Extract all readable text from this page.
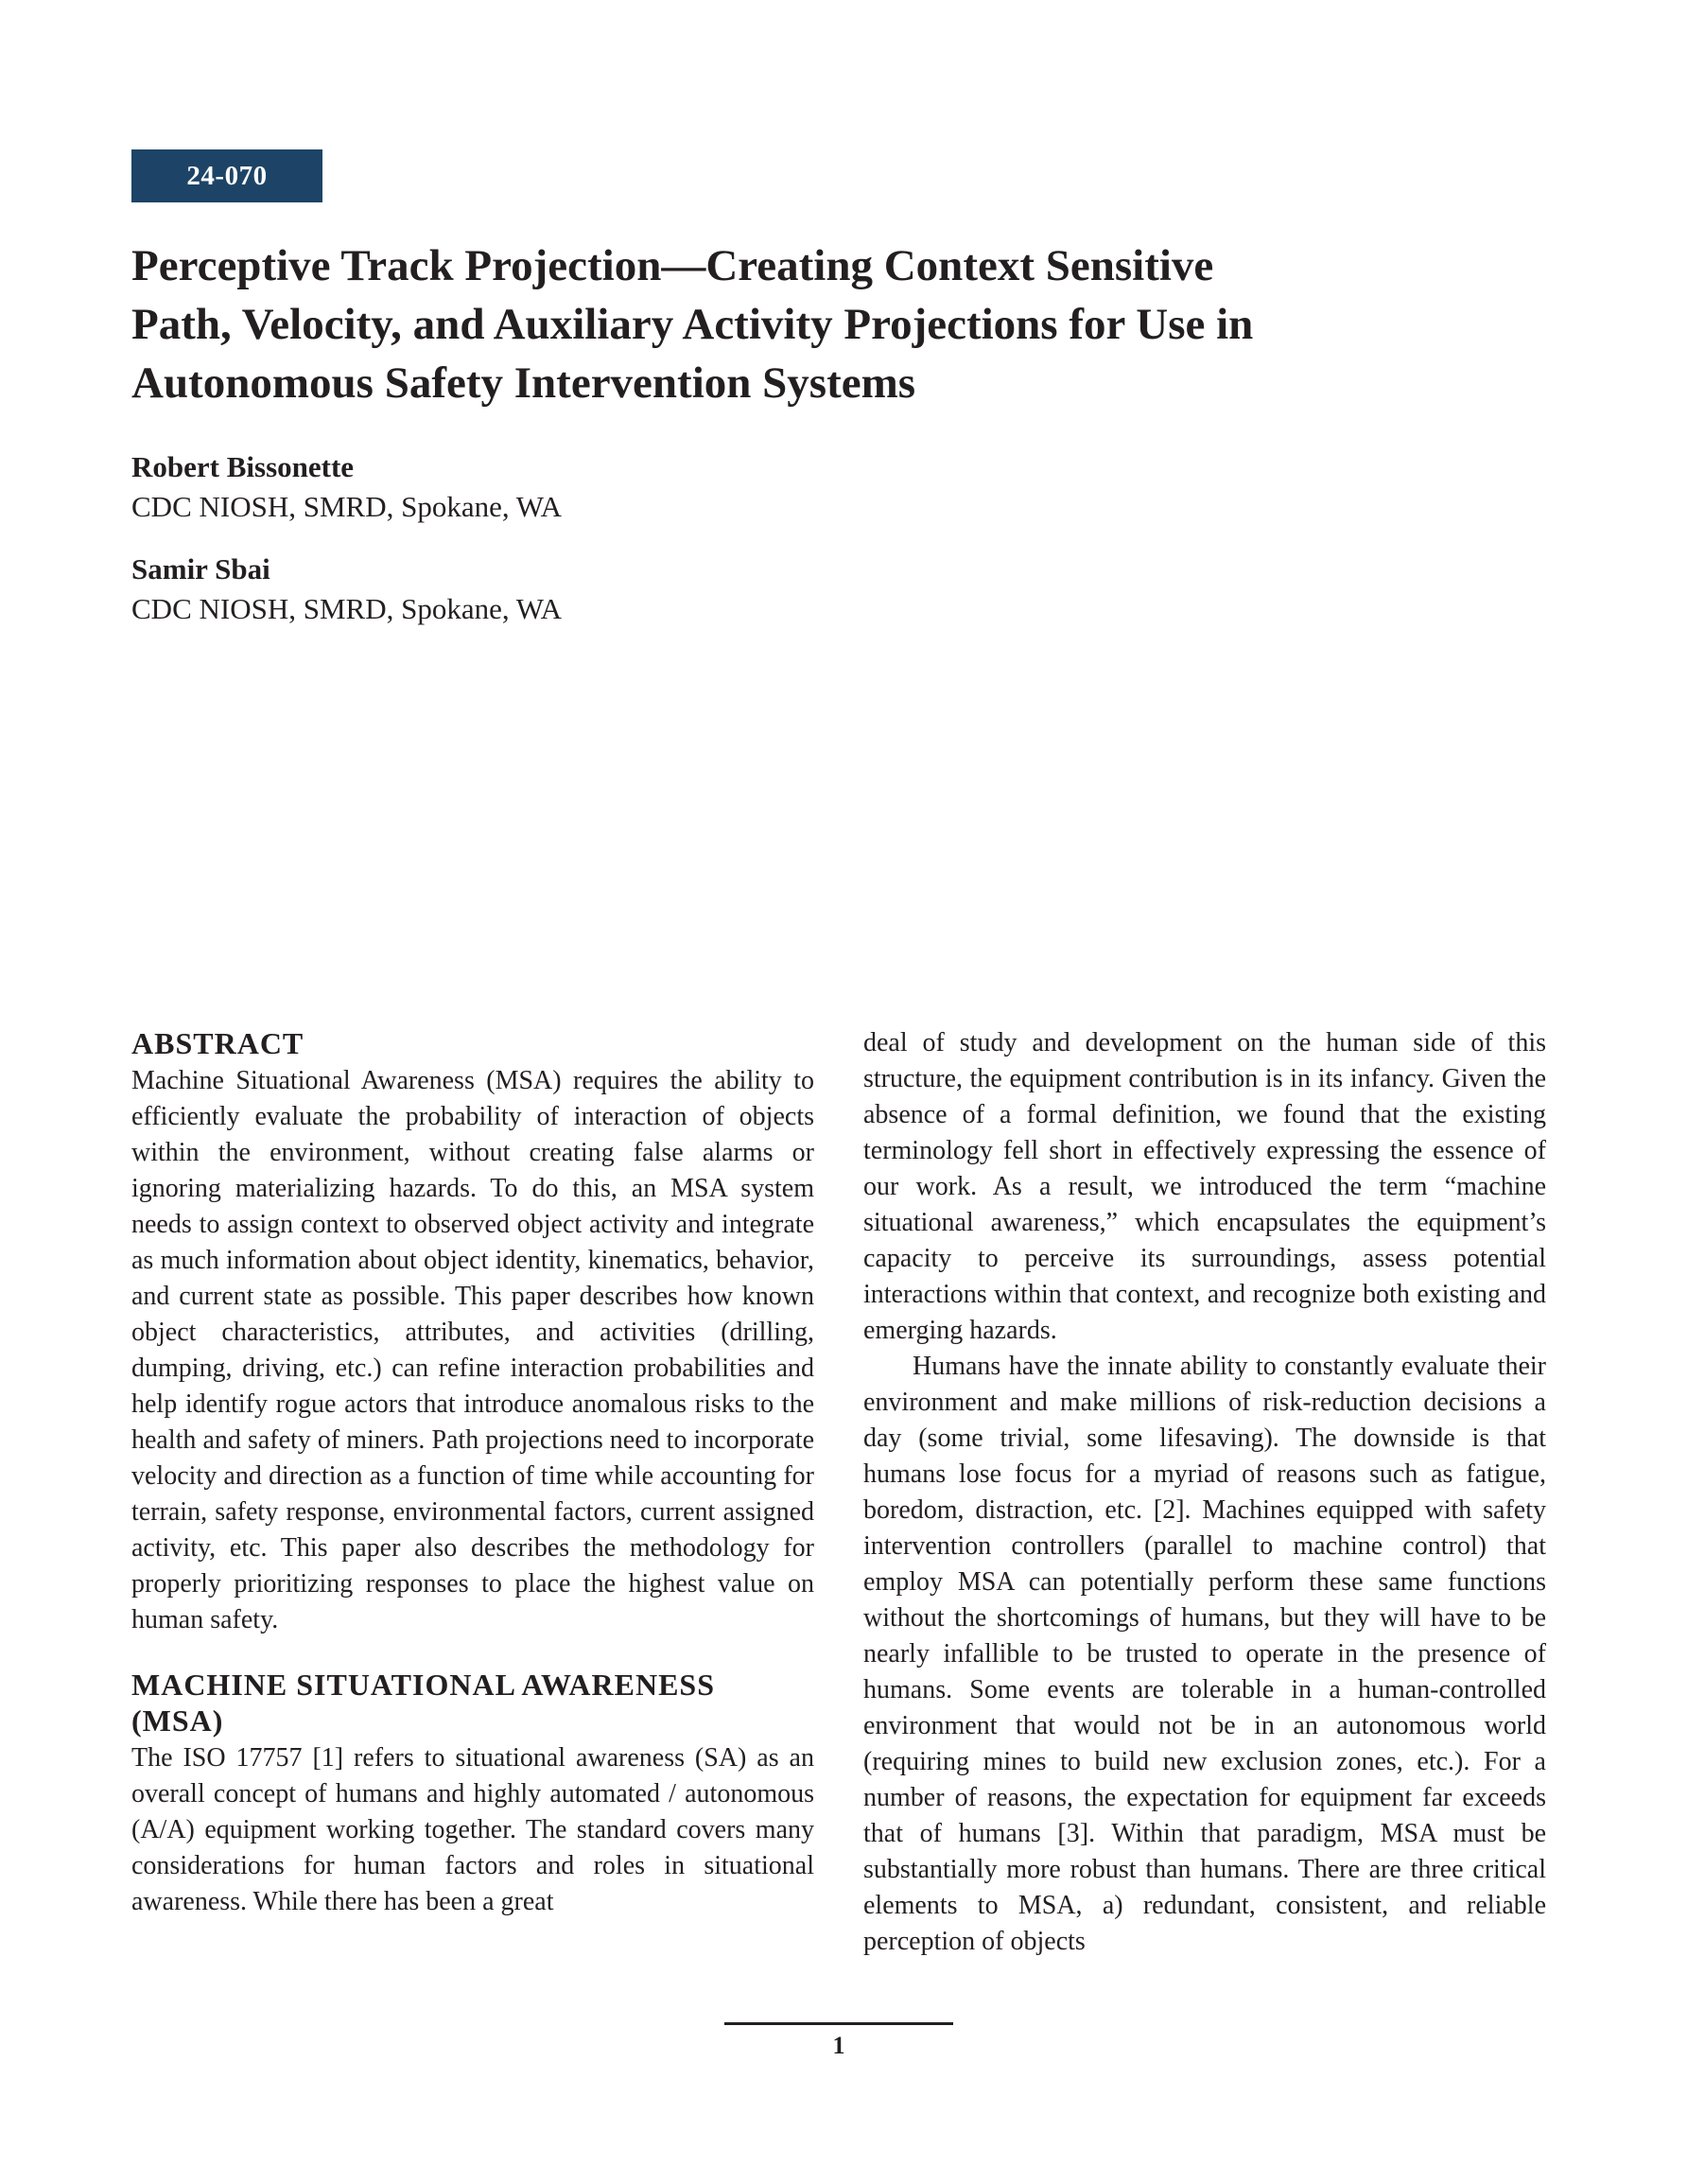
24-070
Perceptive Track Projection—Creating Context Sensitive
Path, Velocity, and Auxiliary Activity Projections for Use in
Autonomous Safety Intervention Systems
Robert Bissonette
CDC NIOSH, SMRD, Spokane, WA
Samir Sbai
CDC NIOSH, SMRD, Spokane, WA
ABSTRACT

Machine Situational Awareness (MSA) requires the ability to efficiently evaluate the probability of interaction of objects within the environment, without creating false alarms or ignoring materializing hazards. To do this, an MSA system needs to assign context to observed object activity and integrate as much information about object identity, kinematics, behavior, and current state as possible. This paper describes how known object characteristics, attributes, and activities (drilling, dumping, driving, etc.) can refine interaction probabilities and help identify rogue actors that introduce anomalous risks to the health and safety of miners. Path projections need to incorporate velocity and direction as a function of time while accounting for terrain, safety response, environmental factors, current assigned activity, etc. This paper also describes the methodology for properly prioritizing responses to place the highest value on human safety.

MACHINE SITUATIONAL AWARENESS
(MSA)

The ISO 17757 [1] refers to situational awareness (SA) as an overall concept of humans and highly automated / autonomous (A/A) equipment working together. The standard covers many considerations for human factors and roles in situational awareness. While there has been a great

deal of study and development on the human side of this structure, the equipment contribution is in its infancy. Given the absence of a formal definition, we found that the existing terminology fell short in effectively expressing the essence of our work. As a result, we introduced the term “machine situational awareness,” which encapsulates the equipment’s capacity to perceive its surroundings, assess potential interactions within that context, and recognize both existing and emerging hazards.

Humans have the innate ability to constantly evaluate their environment and make millions of risk-reduction decisions a day (some trivial, some lifesaving). The downside is that humans lose focus for a myriad of reasons such as fatigue, boredom, distraction, etc. [2]. Machines equipped with safety intervention controllers (parallel to machine control) that employ MSA can potentially perform these same functions without the shortcomings of humans, but they will have to be nearly infallible to be trusted to operate in the presence of humans. Some events are tolerable in a human-controlled environment that would not be in an autonomous world (requiring mines to build new exclusion zones, etc.). For a number of reasons, the expectation for equipment far exceeds that of humans [3]. Within that paradigm, MSA must be substantially more robust than humans. There are three critical elements to MSA, a) redundant, consistent, and reliable perception of objects

1
